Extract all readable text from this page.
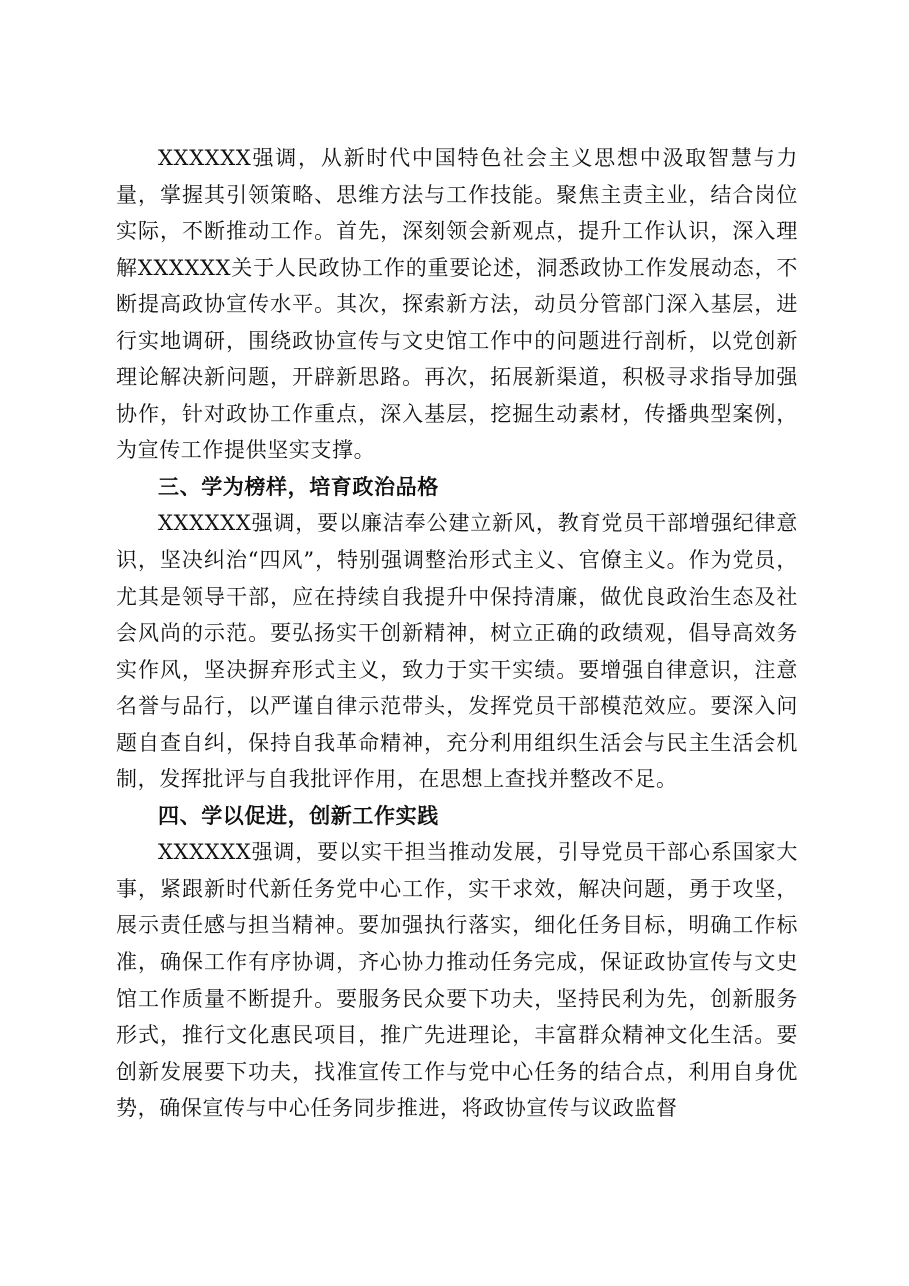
XXXXXX强调，从新时代中国特色社会主义思想中汲取智慧与力量，掌握其引领策略、思维方法与工作技能。聚焦主责主业，结合岗位实际，不断推动工作。首先，深刻领会新观点，提升工作认识，深入理解XXXXXX关于人民政协工作的重要论述，洞悉政协工作发展动态，不断提高政协宣传水平。其次，探索新方法，动员分管部门深入基层，进行实地调研，围绕政协宣传与文史馆工作中的问题进行剖析，以党创新理论解决新问题，开辟新思路。再次，拓展新渠道，积极寻求指导加强协作，针对政协工作重点，深入基层，挖掘生动素材，传播典型案例，为宣传工作提供坚实支撑。

三、学为榜样，培育政治品格

XXXXXX强调，要以廉洁奉公建立新风，教育党员干部增强纪律意识，坚决纠治“四风”，特别强调整治形式主义、官僚主义。作为党员，尤其是领导干部，应在持续自我提升中保持清廉，做优良政治生态及社会风尚的示范。要弘扬实干创新精神，树立正确的政绩观，倡导高效务实作风，坚决摒弃形式主义，致力于实干实绩。要增强自律意识，注意名誉与品行，以严谨自律示范带头，发挥党员干部模范效应。要深入问题自查自纠，保持自我革命精神，充分利用组织生活会与民主生活会机制，发挥批评与自我批评作用，在思想上查找并整改不足。

四、学以促进，创新工作实践

XXXXXX强调，要以实干担当推动发展，引导党员干部心系国家大事，紧跟新时代新任务党中心工作，实干求效，解决问题，勇于攻坚，展示责任感与担当精神。要加强执行落实，细化任务目标，明确工作标准，确保工作有序协调，齐心协力推动任务完成，保证政协宣传与文史馆工作质量不断提升。要服务民众要下功夫，坚持民利为先，创新服务形式，推行文化惠民项目，推广先进理论，丰富群众精神文化生活。要创新发展要下功夫，找准宣传工作与党中心任务的结合点，利用自身优势，确保宣传与中心任务同步推进，将政协宣传与议政监督
